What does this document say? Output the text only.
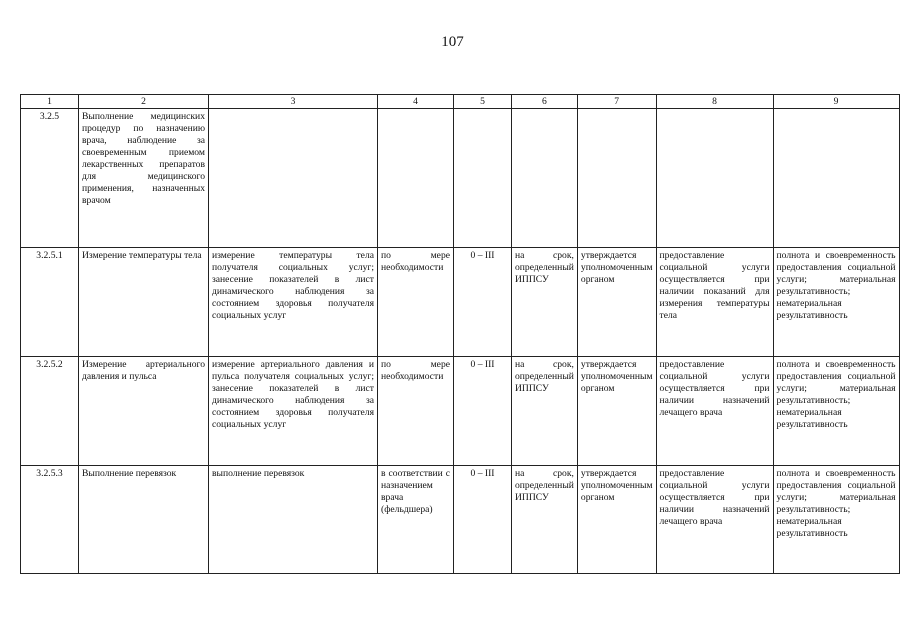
107
1	2	3	4	5	6	7	8	9
3.2.5	Выполнение медицинских процедур по назначению врача, наблюдение за своевременным приемом лекарственных препаратов для медицинского применения, назначенных врачом							
3.2.5.1	Измерение температуры тела	измерение температуры тела получателя социальных услуг; занесение показателей в лист динамического наблюдения за состоянием здоровья получателя социальных услуг	по мере необходимости	0 – III	на срок, определенный ИППСУ	утверждается уполномоченным органом	предоставление социальной услуги осуществляется при наличии показаний для измерения температуры тела	полнота и своевременность предоставления социальной услуги; материальная результативность; нематериальная результативность
3.2.5.2	Измерение артериального давления и пульса	измерение артериального давления и пульса получателя социальных услуг; занесение показателей в лист динамического наблюдения за состоянием здоровья получателя социальных услуг	по мере необходимости	0 – III	на срок, определенный ИППСУ	утверждается уполномоченным органом	предоставление социальной услуги осуществляется при наличии назначений лечащего врача	полнота и своевременность предоставления социальной услуги; материальная результативность; нематериальная результативность
3.2.5.3	Выполнение перевязок	выполнение перевязок	в соответствии с назначением врача (фельдшера)	0 – III	на срок, определенный ИППСУ	утверждается уполномоченным органом	предоставление социальной услуги осуществляется при наличии назначений лечащего врача	полнота и своевременность предоставления социальной услуги; материальная результативность; нематериальная результативность
